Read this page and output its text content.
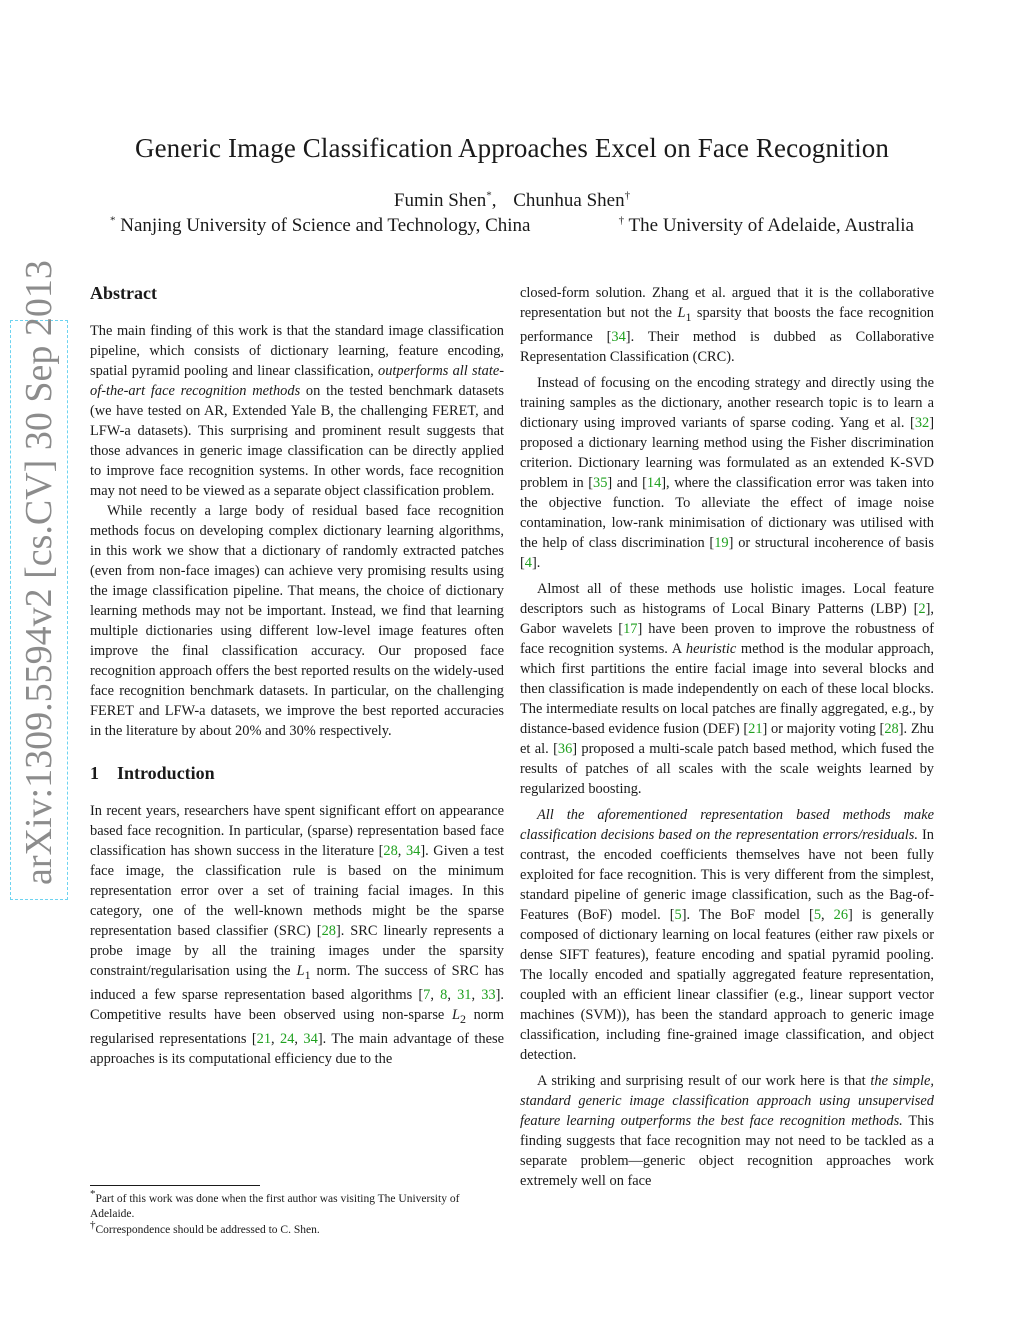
Generic Image Classification Approaches Excel on Face Recognition
Fumin Shen*, Chunhua Shen†
* Nanjing University of Science and Technology, China	† The University of Adelaide, Australia
arXiv:1309.5594v2 [cs.CV] 30 Sep 2013	Abstract

The main finding of this work is that the standard image classification pipeline, which consists of dictionary learning, feature encoding, spatial pyramid pooling and linear classification, outperforms all state-of-the-art face recognition methods on the tested benchmark datasets (we have tested on AR, Extended Yale B, the challenging FERET, and LFW-a datasets). This surprising and prominent result suggests that those advances in generic image classification can be directly applied to improve face recognition systems. In other words, face recognition may not need to be viewed as a separate object classification problem.

While recently a large body of residual based face recognition methods focus on developing complex dictionary learning algorithms, in this work we show that a dictionary of randomly extracted patches (even from non-face images) can achieve very promising results using the image classification pipeline. That means, the choice of dictionary learning methods may not be important. Instead, we find that learning multiple dictionaries using different low-level image features often improve the final classification accuracy. Our proposed face recognition approach offers the best reported results on the widely-used face recognition benchmark datasets. In particular, on the challenging FERET and LFW-a datasets, we improve the best reported accuracies in the literature by about 20% and 30% respectively.

1 Introduction

In recent years, researchers have spent significant effort on appearance based face recognition. In particular, (sparse) representation based face classification has shown success in the literature [28, 34]. Given a test face image, the classification rule is based on the minimum representation error over a set of training facial images. In this category, one of the well-known methods might be the sparse representation based classifier (SRC) [28]. SRC linearly represents a probe image by all the training images under the sparsity constraint/regularisation using the $L_1$ norm. The success of SRC has induced a few sparse representation based algorithms [7, 8, 31, 33]. Competitive results have been observed using non-sparse $L_2$ norm regularised representations [21, 24, 34]. The main advantage of these approaches is its computational efficiency due to the

closed-form solution. Zhang et al. argued that it is the collaborative representation but not the $L_1$ sparsity that boosts the face recognition performance [34]. Their method is dubbed as Collaborative Representation Classification (CRC).

Instead of focusing on the encoding strategy and directly using the training samples as the dictionary, another research topic is to learn a dictionary using improved variants of sparse coding. Yang et al. [32] proposed a dictionary learning method using the Fisher discrimination criterion. Dictionary learning was formulated as an extended K-SVD problem in [35] and [14], where the classification error was taken into the objective function. To alleviate the effect of image noise contamination, low-rank minimisation of dictionary was utilised with the help of class discrimination [19] or structural incoherence of basis [4].

Almost all of these methods use holistic images. Local feature descriptors such as histograms of Local Binary Patterns (LBP) [2], Gabor wavelets [17] have been proven to improve the robustness of face recognition systems. A heuristic method is the modular approach, which first partitions the entire facial image into several blocks and then classification is made independently on each of these local blocks. The intermediate results on local patches are finally aggregated, e.g., by distance-based evidence fusion (DEF) [21] or majority voting [28]. Zhu et al. [36] proposed a multi-scale patch based method, which fused the results of patches of all scales with the scale weights learned by regularized boosting.

All the aforementioned representation based methods make classification decisions based on the representation errors/residuals. In contrast, the encoded coefficients themselves have not been fully exploited for face recognition. This is very different from the simplest, standard pipeline of generic image classification, such as the Bag-of-Features (BoF) model. [5]. The BoF model [5, 26] is generally composed of dictionary learning on local features (either raw pixels or dense SIFT features), feature encoding and spatial pyramid pooling. The locally encoded and spatially aggregated feature representation, coupled with an efficient linear classifier (e.g., linear support vector machines (SVM)), has been the standard approach to generic image classification, including fine-grained image classification, and object detection.

A striking and surprising result of our work here is that the simple, standard generic image classification approach using unsupervised feature learning outperforms the best face recognition methods. This finding suggests that face recognition may not need to be tackled as a separate problem—generic object recognition approaches work extremely well on face

*Part of this work was done when the first author was visiting The University of Adelaide.
†Correspondence should be addressed to C. Shen.
